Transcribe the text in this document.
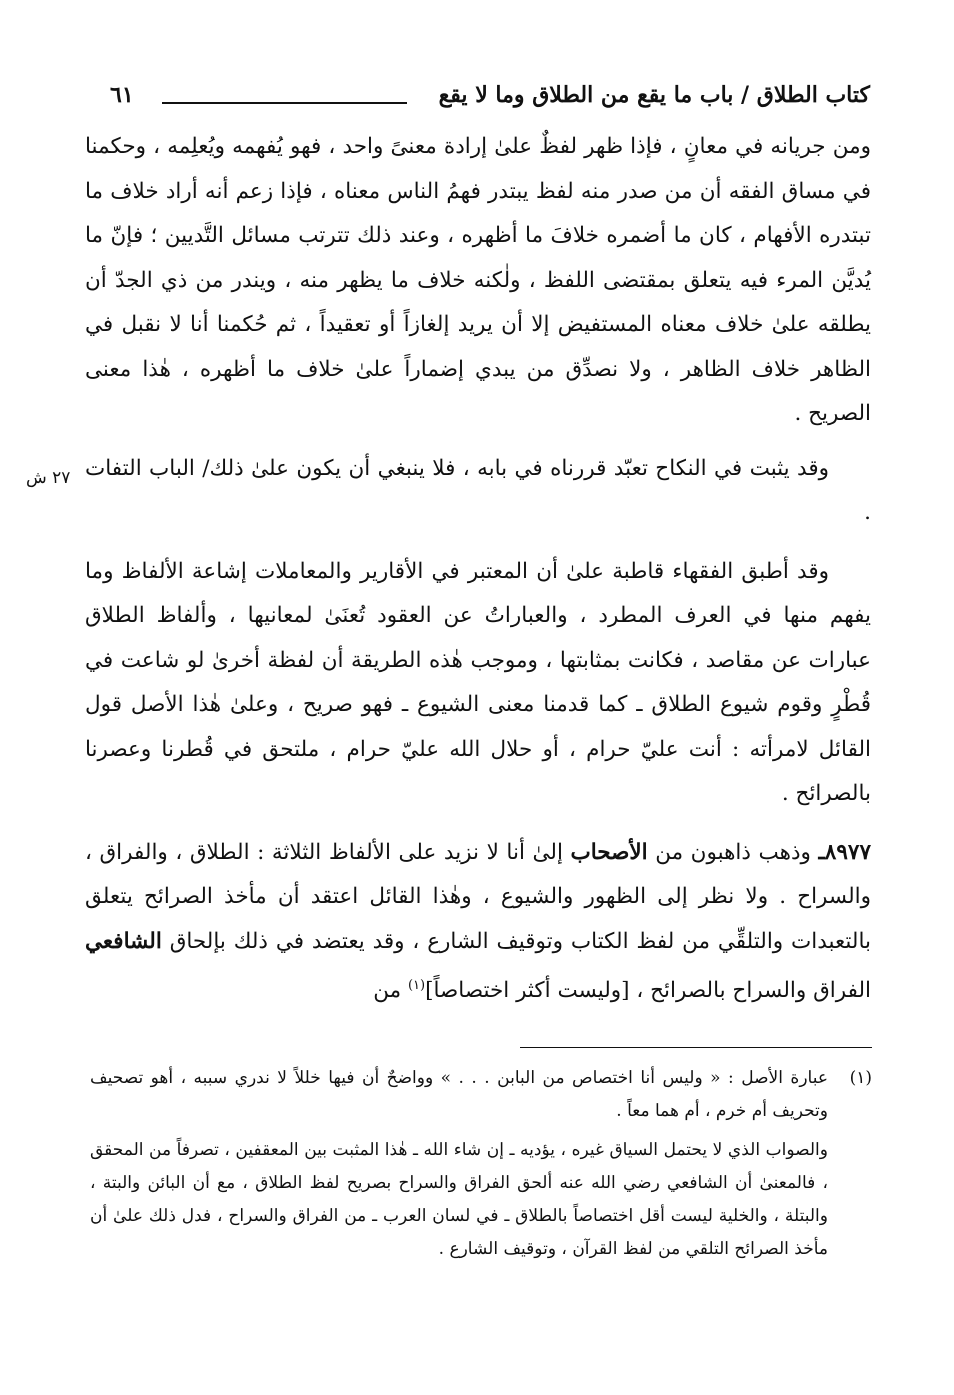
كتاب الطلاق / باب ما يقع من الطلاق وما لا يقع
٦١
٢٧ ش

ومن جريانه في معانٍ ، فإذا ظهر لفظٌ علىٰ إرادة معنىً واحد ، فهو يُفهمه ويُعلِمه ، وحكمنا في مساق الفقه أن من صدر منه لفظ يبتدر فهمُ الناس معناه ، فإذا زعم أنه أراد خلاف ما تبتدره الأفهام ، كان ما أضمره خلافَ ما أظهره ، وعند ذلك تترتب مسائل التَّديين ؛ فإنّ ما يُديَّن المرء فيه يتعلق بمقتضى اللفظ ، ولٰكنه خلاف ما يظهر منه ، ويندر من ذي الجدّ أن يطلقه علىٰ خلاف معناه المستفيض إلا أن يريد إلغازاً أو تعقيداً ، ثم حُكمنا أنا لا نقبل في الظاهر خلاف الظاهر ، ولا نصدِّق من يبدي إضماراً علىٰ خلاف ما أظهره ، هٰذا معنى الصريح .

وقد يثبت في النكاح تعبّد قررناه في بابه ، فلا ينبغي أن يكون علىٰ ذلك/ الباب التفات .

وقد أطبق الفقهاء قاطبة علىٰ أن المعتبر في الأقارير والمعاملات إشاعة الألفاظ وما يفهم منها في العرف المطرد ، والعباراتُ عن العقود تُعنَىٰ لمعانيها ، وألفاظ الطلاق عبارات عن مقاصد ، فكانت بمثابتها ، وموجب هٰذه الطريقة أن لفظة أخرىٰ لو شاعت في قُطْرٍ وقوم شيوع الطلاق ـ كما قدمنا معنى الشيوع ـ فهو صريح ، وعلىٰ هٰذا الأصل قول القائل لامرأته : أنت عليّ حرام ، أو حلال الله عليّ حرام ، ملتحق في قُطرنا وعصرنا بالصرائح .

٨٩٧٧ـ وذهب ذاهبون من الأصحاب إلىٰ أنا لا نزيد على الألفاظ الثلاثة : الطلاق ، والفراق ، والسراح . ولا نظر إلى الظهور والشيوع ، وهٰذا القائل اعتقد أن مأخذ الصرائح يتعلق بالتعبدات والتلقِّي من لفظ الكتاب وتوقيف الشارع ، وقد يعتضد في ذلك بإلحاق الشافعي الفراق والسراح بالصرائح ، [وليست أكثر اختصاصاً]$^{(١)}$ من

(١)

عبارة الأصل : « وليس أنا اختصاص من البابن . . . » وواضحٌ أن فيها خللاً لا ندري سببه ، أهو تصحيف وتحريف أم خرم ، أم هما معاً .

والصواب الذي لا يحتمل السياق غيره ، يؤديه ـ إن شاء الله ـ هٰذا المثبت بين المعقفين ، تصرفاً من المحقق ، فالمعنىٰ أن الشافعي رضي الله عنه ألحق الفراق والسراح بصريح لفظ الطلاق ، مع أن البائن والبتة ، والبتلة ، والخلية ليست أقل اختصاصاً بالطلاق ـ في لسان العرب ـ من الفراق والسراح ، فدل ذلك علىٰ أن مأخذ الصرائح التلقي من لفظ القرآن ، وتوقيف الشارع .
